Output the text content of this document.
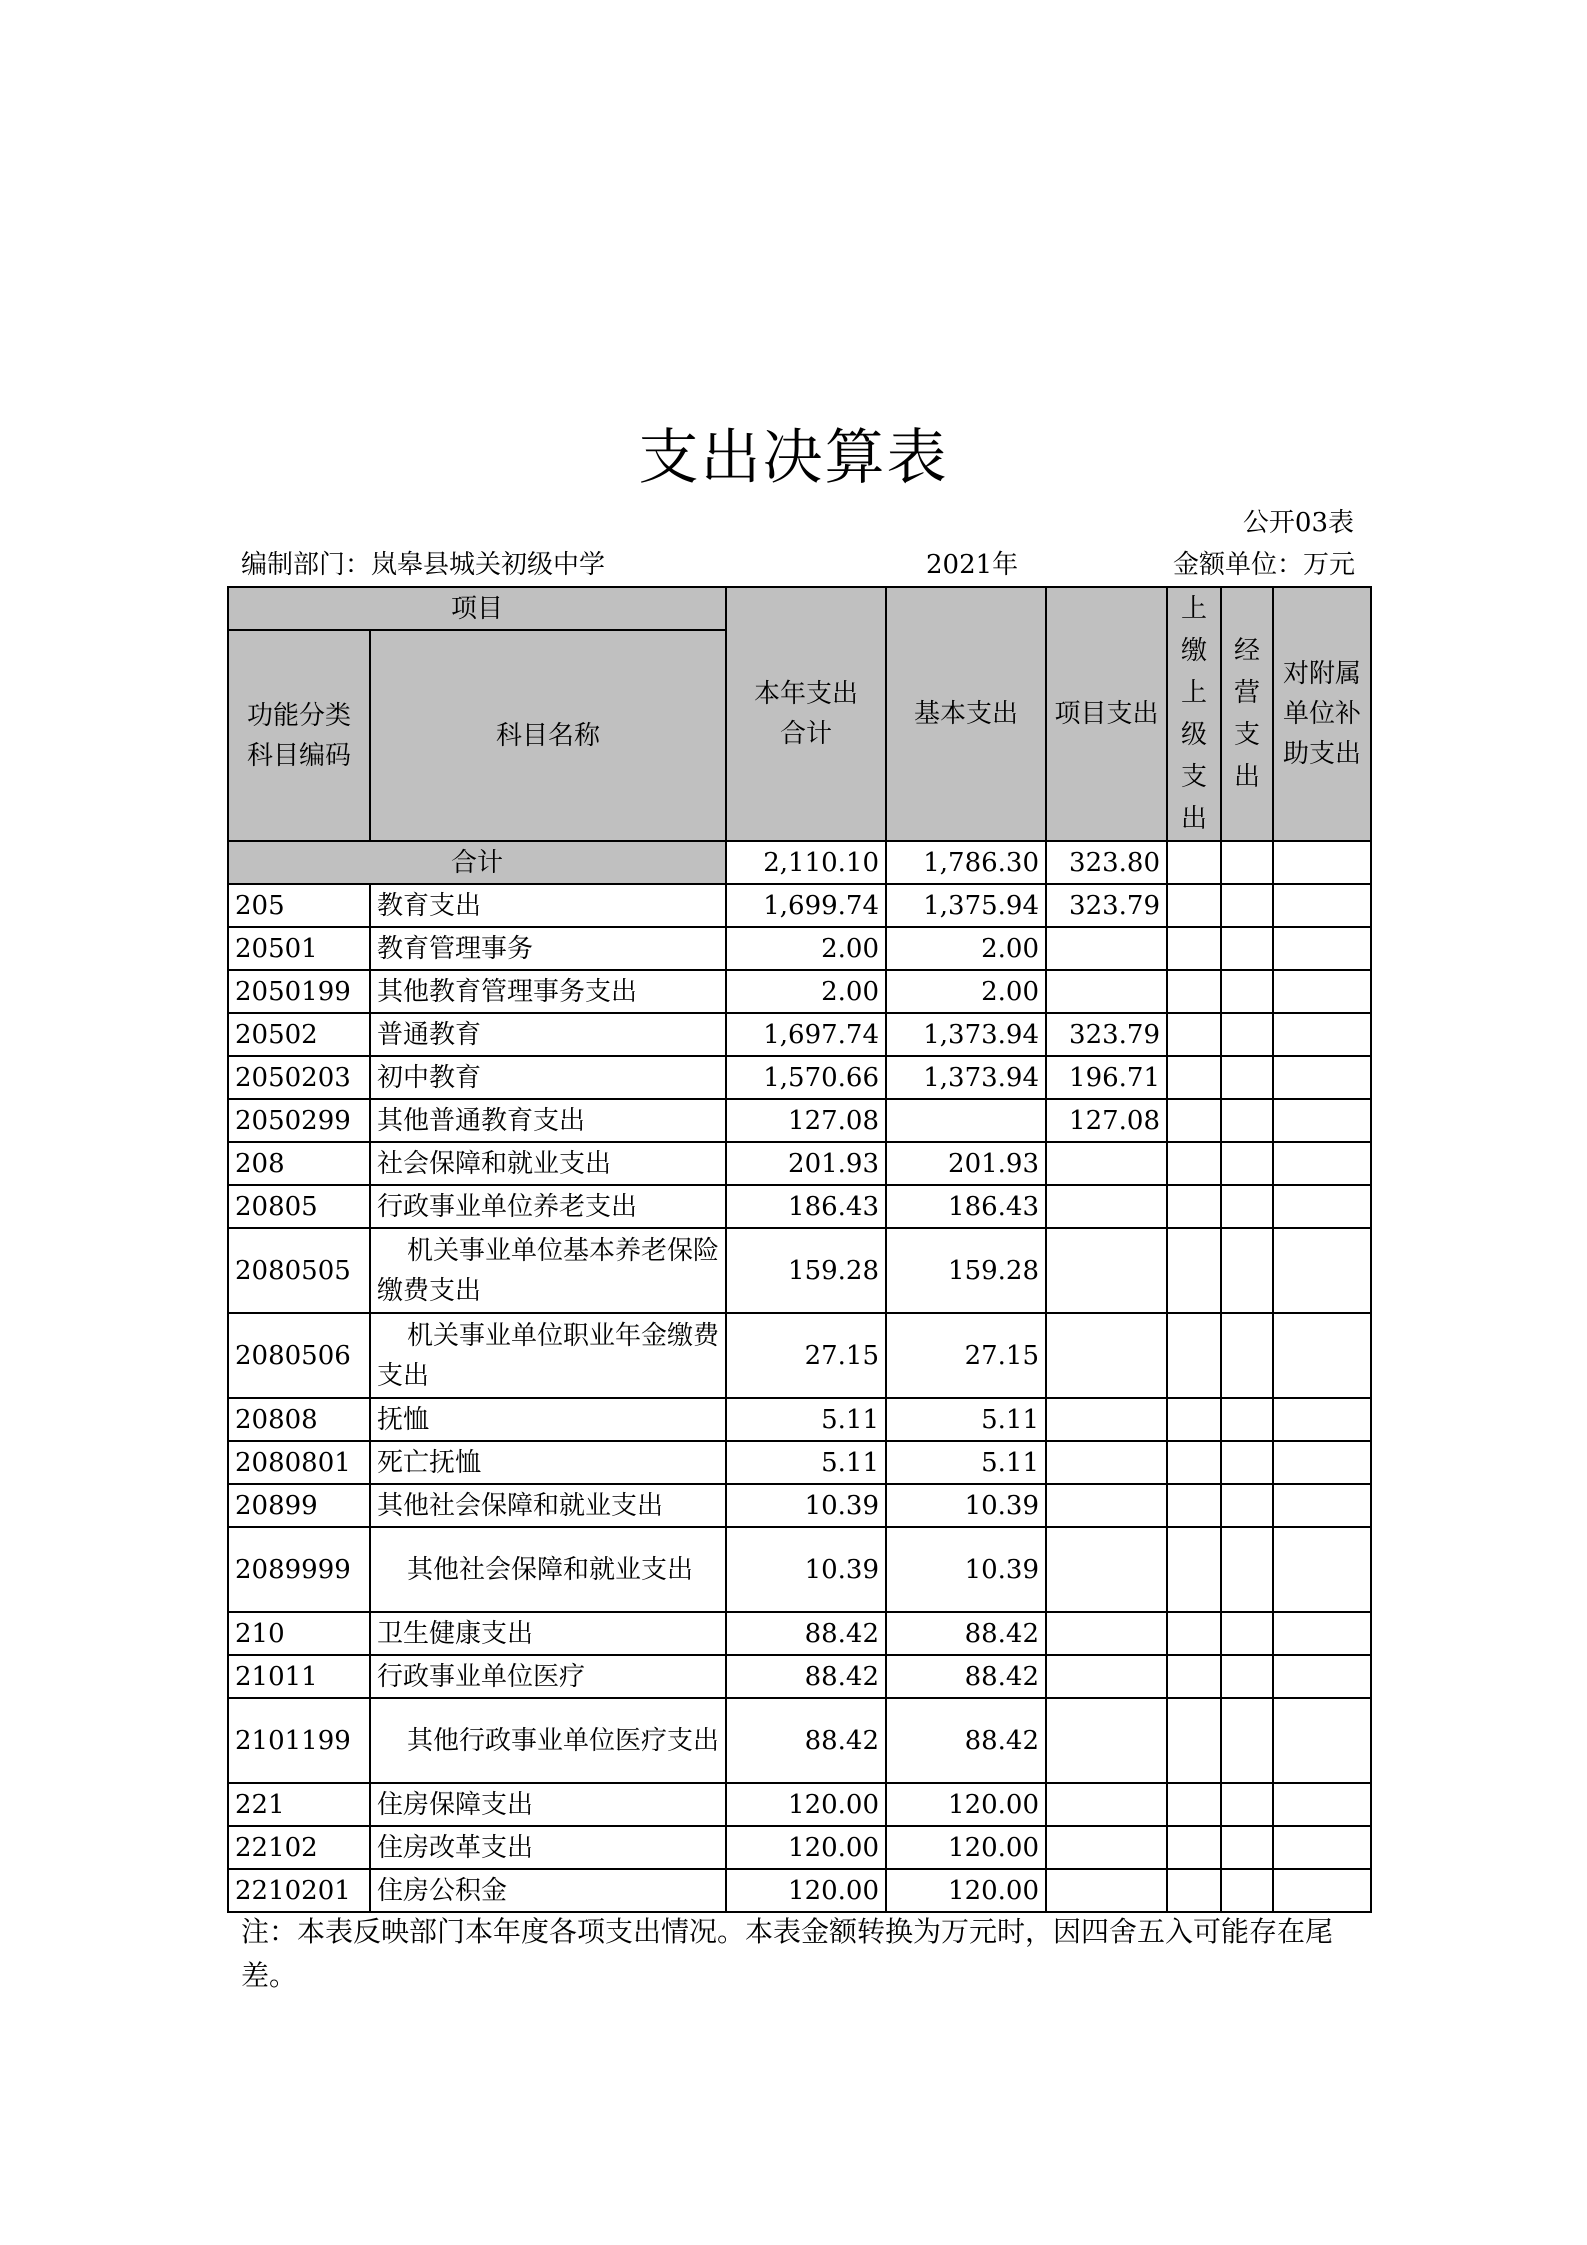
支出决算表
公开03表
编制部门：岚皋县城关初级中学	2021年	金额单位：万元
项目		本年支出合计	基本支出	项目支出	上缴上级支出	经营支出	对附属单位补助支出

功能分类科目编码	科目名称						
合计		2,110.10	1,786.30	323.80			
205	教育支出	1,699.74	1,375.94	323.79			
20501	教育管理事务	2.00	2.00				
2050199	其他教育管理事务支出	2.00	2.00				
20502	普通教育	1,697.74	1,373.94	323.79			
2050203	初中教育	1,570.66	1,373.94	196.71			
2050299	其他普通教育支出	127.08		127.08			
208	社会保障和就业支出	201.93	201.93				
20805	行政事业单位养老支出	186.43	186.43				
2080505	机关事业单位基本养老保险缴费支出	159.28	159.28				
2080506	机关事业单位职业年金缴费支出	27.15	27.15				
20808	抚恤	5.11	5.11				
2080801	死亡抚恤	5.11	5.11				
20899	其他社会保障和就业支出	10.39	10.39				
2089999	其他社会保障和就业支出	10.39	10.39				
210	卫生健康支出	88.42	88.42				
21011	行政事业单位医疗	88.42	88.42				
2101199	其他行政事业单位医疗支出	88.42	88.42				
221	住房保障支出	120.00	120.00				
22102	住房改革支出	120.00	120.00				
2210201	住房公积金	120.00	120.00				
注：本表反映部门本年度各项支出情况。本表金额转换为万元时，因四舍五入可能存在尾差。
